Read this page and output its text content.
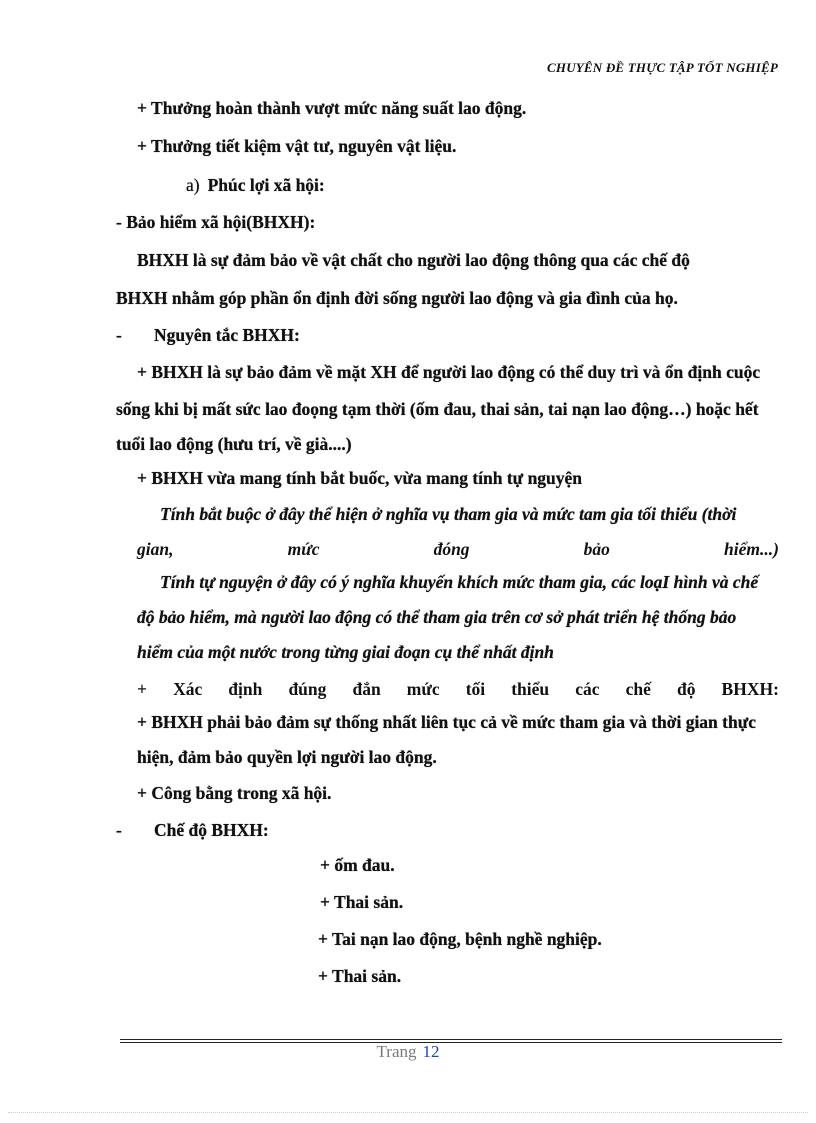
CHUYÊN ĐỀ THỰC TẬP TỐT NGHIỆP
+ Thưởng hoàn thành vượt mức năng suất lao động.
+ Thưởng tiết kiệm vật tư, nguyên vật liệu.
a) Phúc lợi xã hội:
- Bảo hiểm xã hội(BHXH):
BHXH là sự đảm bảo về vật chất cho người lao động thông qua các chế độ
BHXH nhằm góp phần ổn định đời sống người lao động và gia đình của họ.
- Nguyên tắc BHXH:
+ BHXH là sự bảo đảm về mặt XH để người lao động có thể duy trì và ổn định cuộc
sống khi bị mất sức lao đoọng tạm thời (ốm đau, thai sản, tai nạn lao động…) hoặc hết
tuổi lao động (hưu trí, về già....)
+ BHXH vừa mang tính bắt buốc, vừa mang tính tự nguyện
Tính bắt buộc ở đây thể hiện ở nghĩa vụ tham gia và mức tam gia tối thiểu (thời
gian,	mức	đóng	bảo	hiểm...)
Tính tự nguyện ở đây có ý nghĩa khuyến khích mức tham gia, các loạI hình và chế
độ bảo hiểm, mà người lao động có thể tham gia trên cơ sở phát triển hệ thống bảo
hiểm của một nước trong từng giai đoạn cụ thể nhất định
+ Xác định đúng đắn mức tối thiểu các chế độ BHXH:
+ BHXH phải bảo đảm sự thống nhất liên tục cả về mức tham gia và thời gian thực
hiện, đảm bảo quyền lợi người lao động.
+ Công bằng trong xã hội.
- Chế độ BHXH:
+ ốm đau.
+ Thai sản.
+ Tai nạn lao động, bệnh nghề nghiệp.
+ Thai sản.
Trang 12
